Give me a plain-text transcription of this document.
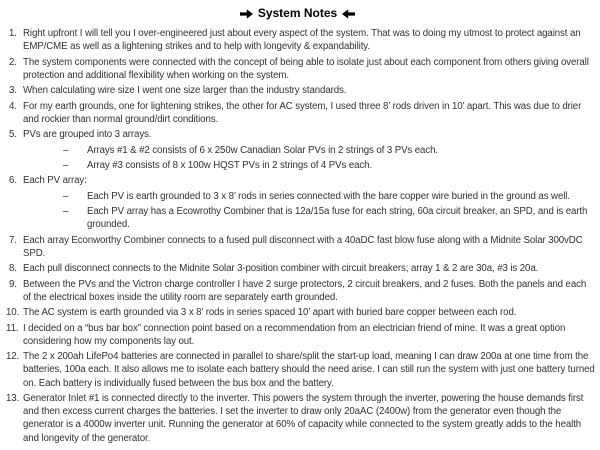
System Notes
1. Right upfront I will tell you I over-engineered just about every aspect of the system. That was to doing my utmost to protect against an EMP/CME as well as a lightening strikes and to help with longevity & expandability.
2. The system components were connected with the concept of being able to isolate just about each component from others giving overall protection and additional flexibility when working on the system.
3. When calculating wire size I went one size larger than the industry standards.
4. For my earth grounds, one for lightening strikes, the other for AC system, I used three 8’ rods driven in 10’ apart. This was due to drier and rockier than normal ground/dirt conditions.
5. PVs are grouped into 3 arrays.
– Arrays #1 & #2 consists of 6 x 250w Canadian Solar PVs in 2 strings of 3 PVs each.
– Array #3 consists of 8 x 100w HQST PVs in 2 strings of 4 PVs each.
6. Each PV array:
– Each PV is earth grounded to 3 x 8’ rods in series connected with the bare copper wire buried in the ground as well.
– Each PV array has a Ecowrothy Combiner that is 12a/15a fuse for each string, 60a circuit breaker, an SPD, and is earth grounded.
7. Each array Econworthy Combiner connects to a fused pull disconnect with a 40aDC fast blow fuse along with a Midnite Solar 300vDC SPD.
8. Each pull disconnect connects to the Midnite Solar 3-position combiner with circuit breakers; array 1 & 2 are 30a, #3 is 20a.
9. Between the PVs and the Victron charge controller I have 2 surge protectors, 2 circuit breakers, and 2 fuses. Both the panels and each of the electrical boxes inside the utility room are separately earth grounded.
10. The AC system is earth grounded via 3 x 8’ rods in series spaced 10’ apart with buried bare copper between each rod.
11. I decided on a “bus bar box” connection point based on a recommendation from an electrician friend of mine. It was a great option considering how my components lay out.
12. The 2 x 200ah LifePo4 batteries are connected in parallel to share/split the start-up load, meaning I can draw 200a at one time from the batteries, 100a each. It also allows me to isolate each battery should the need arise. I can still run the system with just one battery turned on. Each battery is individually fused between the bus box and the battery.
13. Generator Inlet #1 is connected directly to the inverter. This powers the system through the inverter, powering the house demands first and then excess current charges the batteries. I set the inverter to draw only 20aAC (2400w) from the generator even though the generator is a 4000w inverter unit. Running the generator at 60% of capacity while connected to the system greatly adds to the health and longevity of the generator.
